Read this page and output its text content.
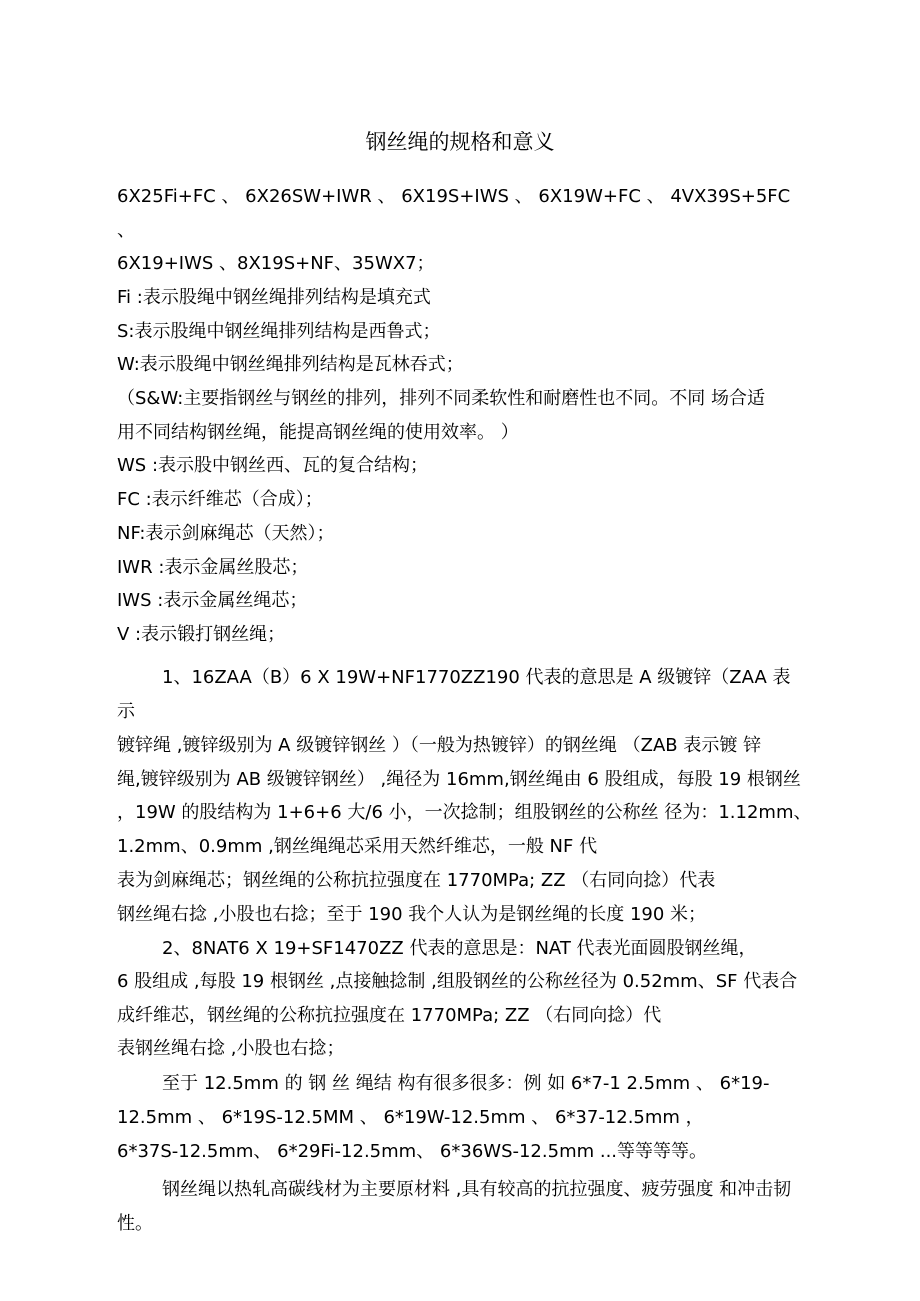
钢丝绳的规格和意义
6X25Fi+FC 、 6X26SW+IWR 、 6X19S+IWS 、 6X19W+FC 、 4VX39S+5FC
、
6X19+IWS 、8X19S+NF、35WX7；
Fi :表示股绳中钢丝绳排列结构是填充式
S:表示股绳中钢丝绳排列结构是西鲁式；
W:表示股绳中钢丝绳排列结构是瓦林吞式；
（S&W:主要指钢丝与钢丝的排列，排列不同柔软性和耐磨性也不同。不同 场合适
用不同结构钢丝绳，能提高钢丝绳的使用效率。 ）
WS :表示股中钢丝西、瓦的复合结构；
FC :表示纤维芯（合成）；
NF:表示剑麻绳芯（天然）；
IWR :表示金属丝股芯；
IWS :表示金属丝绳芯；
V :表示锻打钢丝绳；
1、16ZAA（B）6 X 19W+NF1770ZZ190 代表的意思是 A 级镀锌（ZAA 表
示
镀锌绳 ,镀锌级别为 A 级镀锌钢丝 ）（一般为热镀锌）的钢丝绳 （ZAB 表示镀 锌
绳,镀锌级别为 AB 级镀锌钢丝） ,绳径为 16mm,钢丝绳由 6 股组成，每股 19 根钢丝
，19W 的股结构为 1+6+6 大/6 小，一次捻制；组股钢丝的公称丝 径为：1.12mm、
1.2mm、0.9mm ,钢丝绳绳芯采用天然纤维芯，一般 NF 代
表为剑麻绳芯；钢丝绳的公称抗拉强度在 1770MPa; ZZ （右同向捻）代表
钢丝绳右捻 ,小股也右捻；至于 190 我个人认为是钢丝绳的长度 190 米；
2、8NAT6 X 19+SF1470ZZ 代表的意思是：NAT 代表光面圆股钢丝绳，
6 股组成 ,每股 19 根钢丝 ,点接触捻制 ,组股钢丝的公称丝径为 0.52mm、SF 代表合
成纤维芯，钢丝绳的公称抗拉强度在 1770MPa; ZZ （右同向捻）代
表钢丝绳右捻 ,小股也右捻；
至于 12.5mm 的 钢 丝 绳结 构有很多很多：例 如 6*7-1 2.5mm 、 6*19-
12.5mm 、 6*19S-12.5MM 、 6*19W-12.5mm 、 6*37-12.5mm ，
6*37S-12.5mm、 6*29Fi-12.5mm、 6*36WS-12.5mm ...等等等等。
钢丝绳以热轧高碳线材为主要原材料 ,具有较高的抗拉强度、疲劳强度 和冲击韧
性。
